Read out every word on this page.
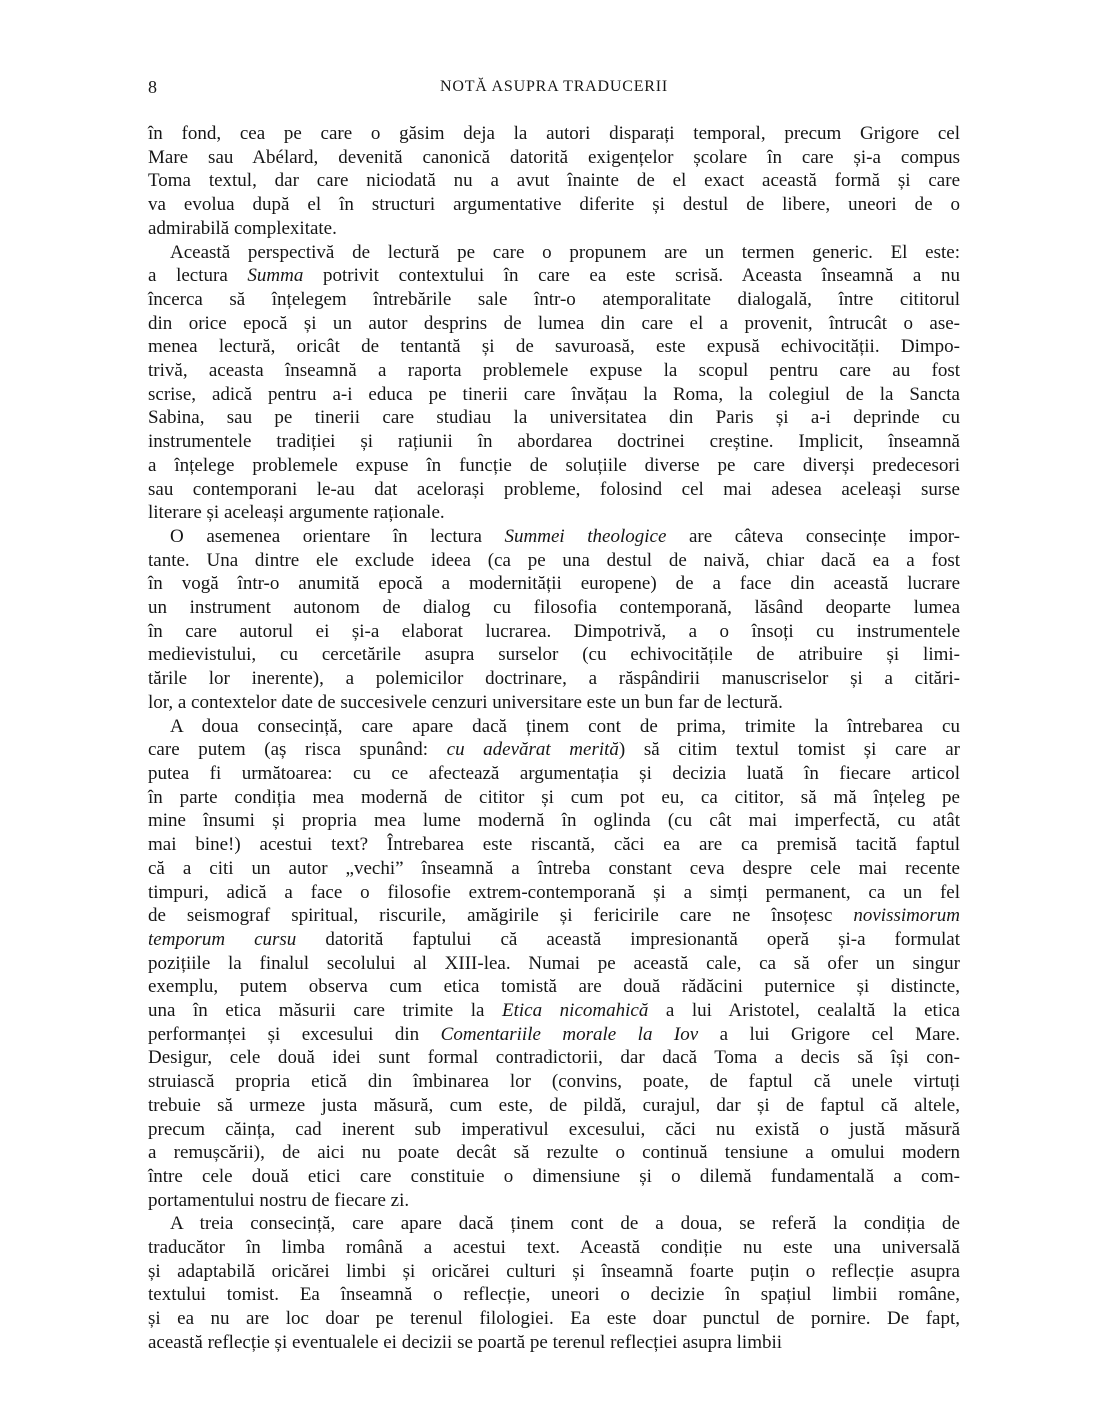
8	NOTĂ ASUPRA TRADUCERII
în fond, cea pe care o găsim deja la autori disparați temporal, precum Grigore cel
Mare sau Abélard, devenită canonică datorită exigențelor școlare în care și-a compus
Toma textul, dar care niciodată nu a avut înainte de el exact această formă și care
va evolua după el în structuri argumentative diferite și destul de libere, uneori de o
admirabilă complexitate.
Această perspectivă de lectură pe care o propunem are un termen generic. El este:
a lectura Summa potrivit contextului în care ea este scrisă. Aceasta înseamnă a nu
încerca să înțelegem întrebările sale într-o atemporalitate dialogală, între cititorul
din orice epocă și un autor desprins de lumea din care el a provenit, întrucât o ase-
menea lectură, oricât de tentantă și de savuroasă, este expusă echivocității. Dimpo-
trivă, aceasta înseamnă a raporta problemele expuse la scopul pentru care au fost
scrise, adică pentru a-i educa pe tinerii care învățau la Roma, la colegiul de la Sancta
Sabina, sau pe tinerii care studiau la universitatea din Paris și a-i deprinde cu
instrumentele tradiției și rațiunii în abordarea doctrinei creștine. Implicit, înseamnă
a înțelege problemele expuse în funcție de soluțiile diverse pe care diverși predecesori
sau contemporani le-au dat acelorași probleme, folosind cel mai adesea aceleași surse
literare și aceleași argumente raționale.
O asemenea orientare în lectura Summei theologice are câteva consecințe impor-
tante. Una dintre ele exclude ideea (ca pe una destul de naivă, chiar dacă ea a fost
în vogă într-o anumită epocă a modernității europene) de a face din această lucrare
un instrument autonom de dialog cu filosofia contemporană, lăsând deoparte lumea
în care autorul ei și-a elaborat lucrarea. Dimpotrivă, a o însoți cu instrumentele
medievistului, cu cercetările asupra surselor (cu echivocitățile de atribuire și limi-
tările lor inerente), a polemicilor doctrinare, a răspândirii manuscriselor și a citări-
lor, a contextelor date de succesivele cenzuri universitare este un bun far de lectură.
A doua consecință, care apare dacă ținem cont de prima, trimite la întrebarea cu
care putem (aș risca spunând: cu adevărat merită) să citim textul tomist și care ar
putea fi următoarea: cu ce afectează argumentația și decizia luată în fiecare articol
în parte condiția mea modernă de cititor și cum pot eu, ca cititor, să mă înțeleg pe
mine însumi și propria mea lume modernă în oglinda (cu cât mai imperfectă, cu atât
mai bine!) acestui text? Întrebarea este riscantă, căci ea are ca premisă tacită faptul
că a citi un autor „vechi” înseamnă a întreba constant ceva despre cele mai recente
timpuri, adică a face o filosofie extrem-contemporană și a simți permanent, ca un fel
de seismograf spiritual, riscurile, amăgirile și fericirile care ne însoțesc novissimorum
temporum cursu datorită faptului că această impresionantă operă și-a formulat
pozițiile la finalul secolului al XIII-lea. Numai pe această cale, ca să ofer un singur
exemplu, putem observa cum etica tomistă are două rădăcini puternice și distincte,
una în etica măsurii care trimite la Etica nicomahică a lui Aristotel, cealaltă la etica
performanței și excesului din Comentariile morale la Iov a lui Grigore cel Mare.
Desigur, cele două idei sunt formal contradictorii, dar dacă Toma a decis să își con-
struiască propria etică din îmbinarea lor (convins, poate, de faptul că unele virtuți
trebuie să urmeze justa măsură, cum este, de pildă, curajul, dar și de faptul că altele,
precum căința, cad inerent sub imperativul excesului, căci nu există o justă măsură
a remușcării), de aici nu poate decât să rezulte o continuă tensiune a omului modern
între cele două etici care constituie o dimensiune și o dilemă fundamentală a com-
portamentului nostru de fiecare zi.
A treia consecință, care apare dacă ținem cont de a doua, se referă la condiția de
traducător în limba română a acestui text. Această condiție nu este una universală
și adaptabilă oricărei limbi și oricărei culturi și înseamnă foarte puțin o reflecție asupra
textului tomist. Ea înseamnă o reflecție, uneori o decizie în spațiul limbii române,
și ea nu are loc doar pe terenul filologiei. Ea este doar punctul de pornire. De fapt,
această reflecție și eventualele ei decizii se poartă pe terenul reflecției asupra limbii
